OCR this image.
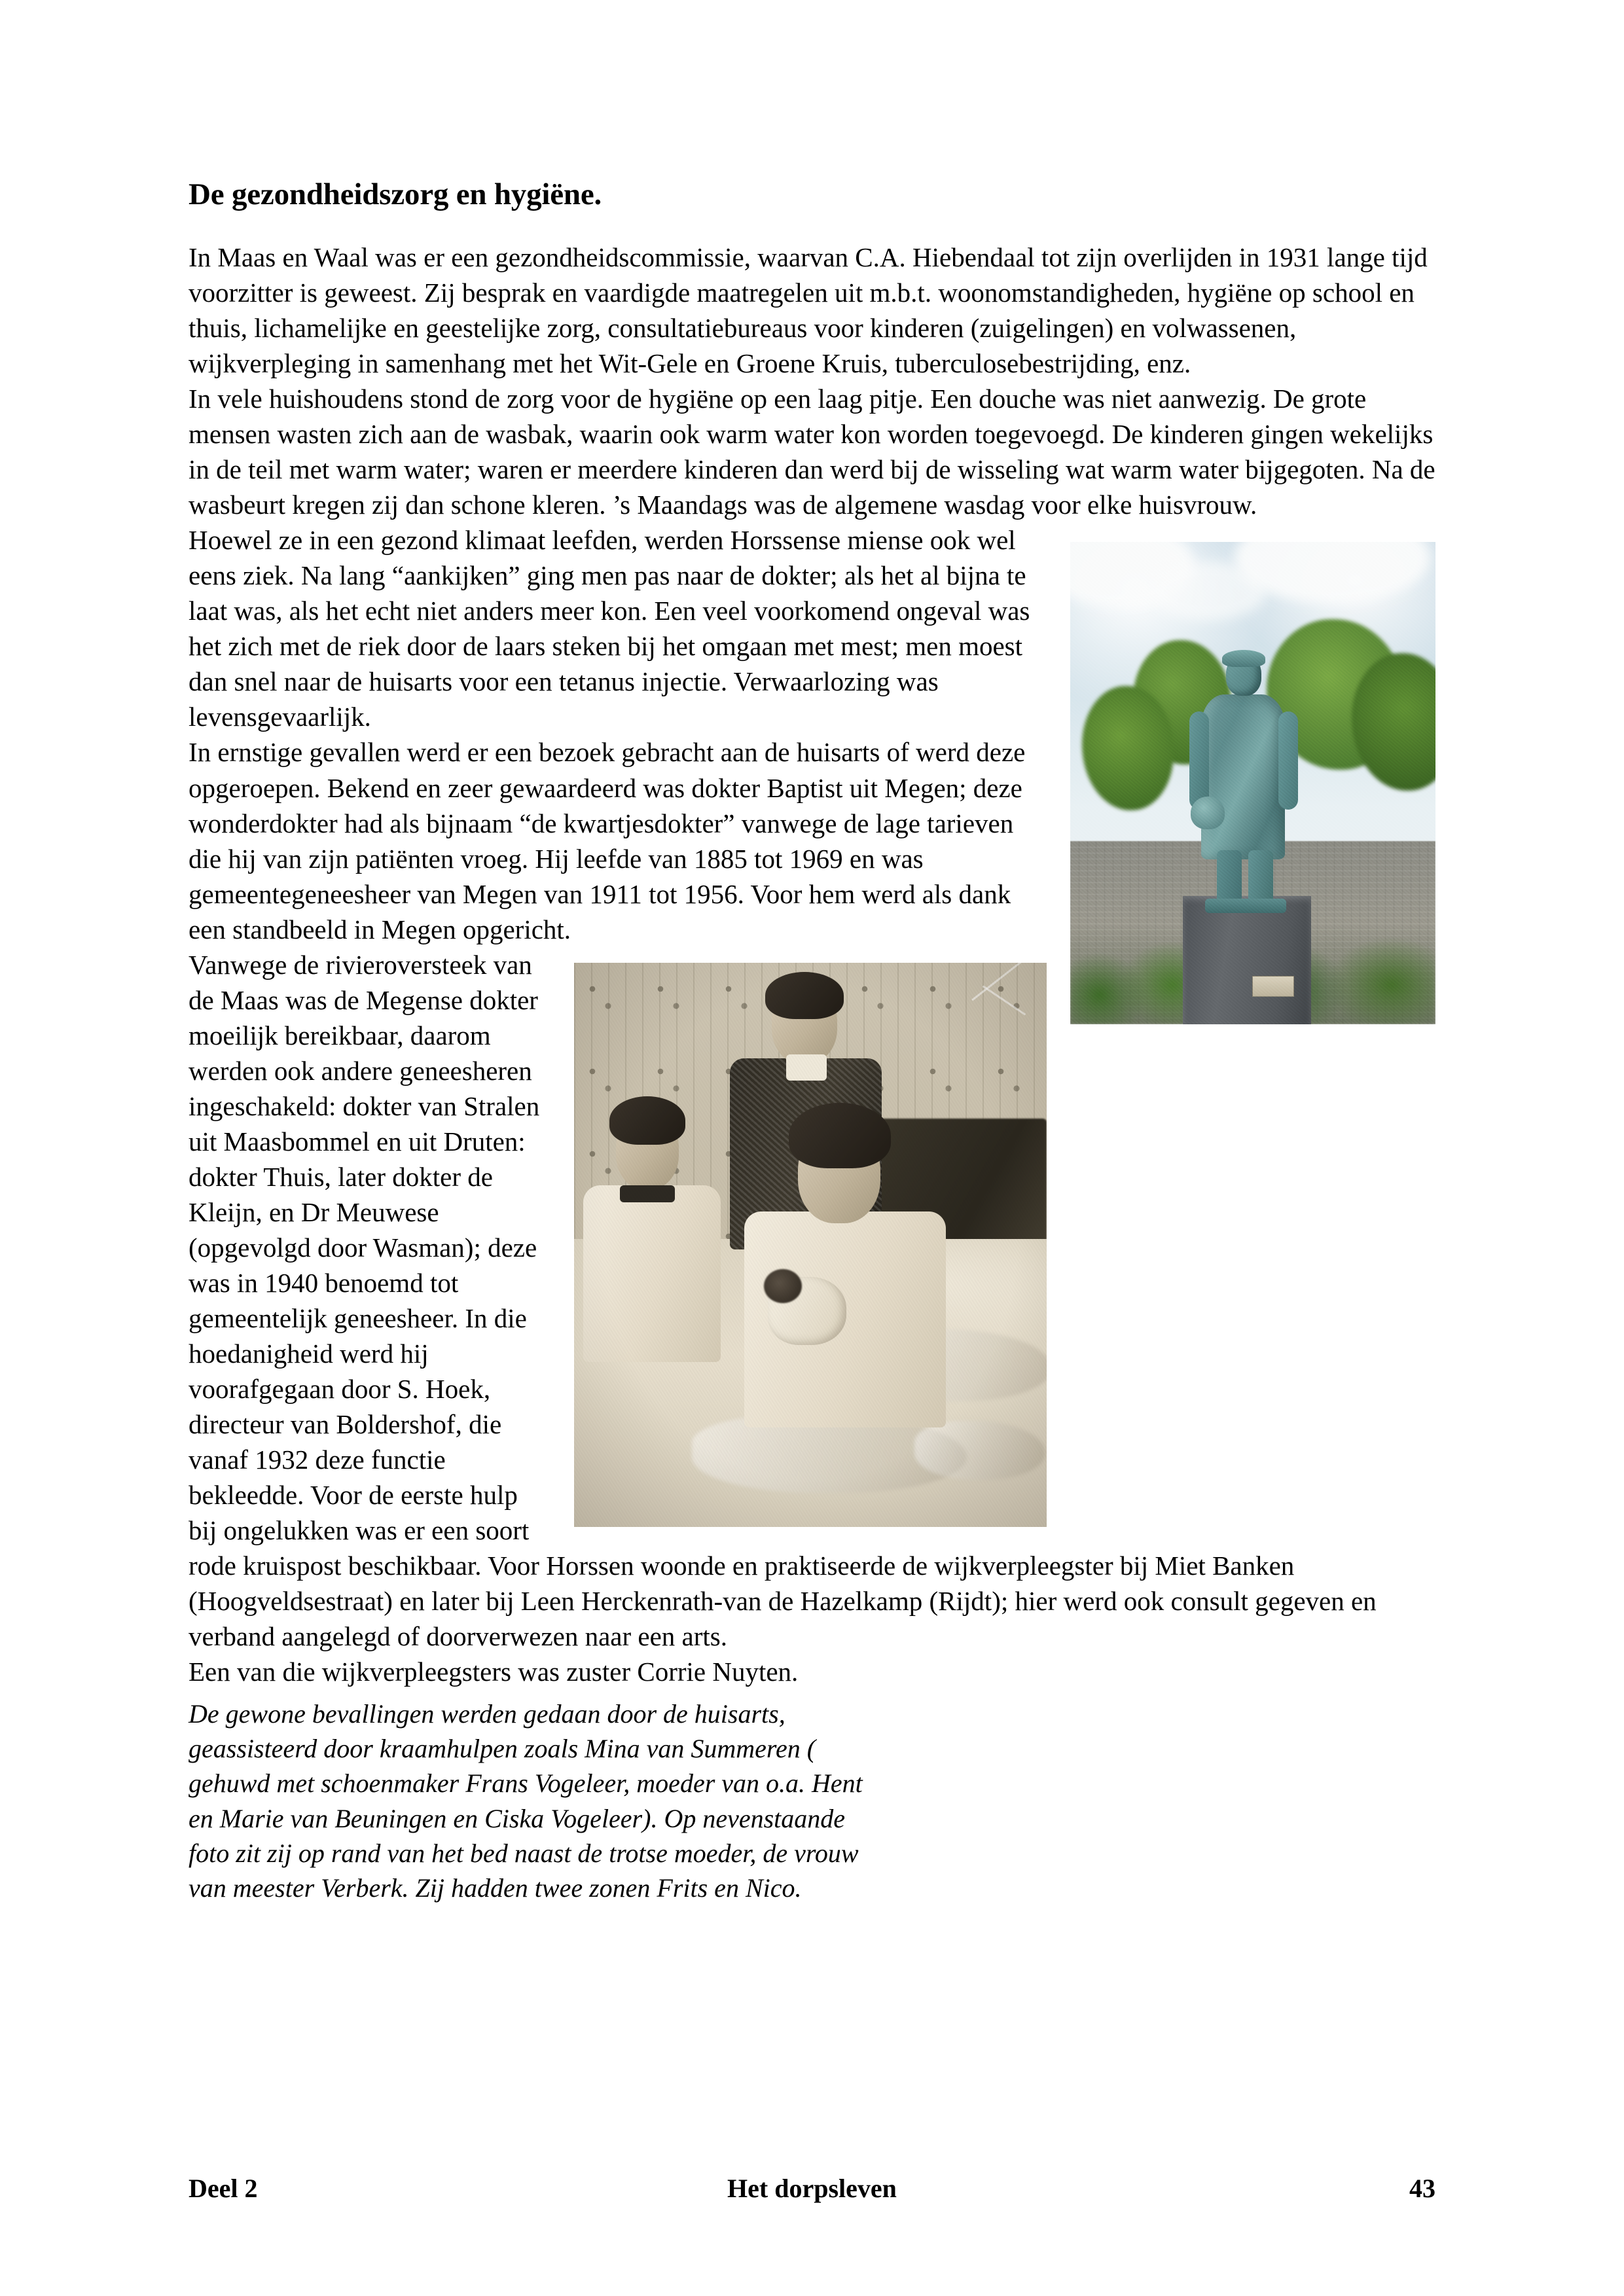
De gezondheidszorg en hygiëne.

In Maas en Waal was er een gezondheidscommissie, waarvan C.A. Hiebendaal tot zijn overlijden in 1931 lange tijd voorzitter is geweest. Zij besprak en vaardigde maatregelen uit m.b.t. woonomstandigheden, hygiëne op school en thuis, lichamelijke en geestelijke zorg, consultatiebureaus voor kinderen (zuigelingen) en volwassenen, wijkverpleging in samenhang met het Wit-Gele en Groene Kruis, tuberculosebestrijding, enz.

In vele huishoudens stond de zorg voor de hygiëne op een laag pitje. Een douche was niet aanwezig. De grote mensen wasten zich aan de wasbak, waarin ook warm water kon worden toegevoegd. De kinderen gingen wekelijks in de teil met warm water; waren er meerdere kinderen dan werd bij de wisseling wat warm water bijgegoten. Na de wasbeurt kregen zij dan schone kleren. ’s Maandags was de algemene wasdag voor elke huisvrouw.

Hoewel ze in een gezond klimaat leefden, werden Horssense miense ook wel eens ziek. Na lang “aankijken” ging men pas naar de dokter; als het al bijna te laat was, als het echt niet anders meer kon. Een veel voorkomend ongeval was het zich met de riek door de laars steken bij het omgaan met mest; men moest dan snel naar de huisarts voor een tetanus injectie. Verwaarlozing was levensgevaarlijk.

In ernstige gevallen werd er een bezoek gebracht aan de huisarts of werd deze opgeroepen. Bekend en zeer gewaardeerd was dokter Baptist uit Megen; deze wonderdokter had als bijnaam “de kwartjesdokter” vanwege de lage tarieven die hij van zijn patiënten vroeg. Hij leefde van 1885 tot 1969 en was gemeentegeneesheer van Megen van 1911 tot 1956. Voor hem werd als dank een standbeeld in Megen opgericht.

Vanwege de rivieroversteek van de Maas was de Megense dokter moeilijk bereikbaar, daarom werden ook andere geneesheren ingeschakeld: dokter van Stralen uit Maasbommel en uit Druten: dokter Thuis, later dokter de Kleijn, en Dr Meuwese (opgevolgd door Wasman); deze was in 1940 benoemd tot gemeentelijk geneesheer. In die hoedanigheid werd hij voorafgegaan door S. Hoek, directeur van Boldershof, die vanaf 1932 deze functie bekleedde. Voor de eerste hulp bij ongelukken was er een soort rode kruispost beschikbaar. Voor Horssen woonde en praktiseerde de wijkverpleegster bij Miet Banken (Hoogveldsestraat) en later bij Leen Herckenrath-van de Hazelkamp (Rijdt); hier werd ook consult gegeven en verband aangelegd of doorverwezen naar een arts.

Een van die wijkverpleegsters was zuster Corrie Nuyten.

De gewone bevallingen werden gedaan door de huisarts, geassisteerd door kraamhulpen zoals Mina van Summeren ( gehuwd met schoenmaker Frans Vogeleer, moeder van o.a. Hent en Marie van Beuningen en Ciska Vogeleer). Op nevenstaande foto zit zij op rand van het bed naast de trotse moeder, de vrouw van meester Verberk. Zij hadden twee zonen Frits en Nico.

Deel 2	Het dorpsleven	43
